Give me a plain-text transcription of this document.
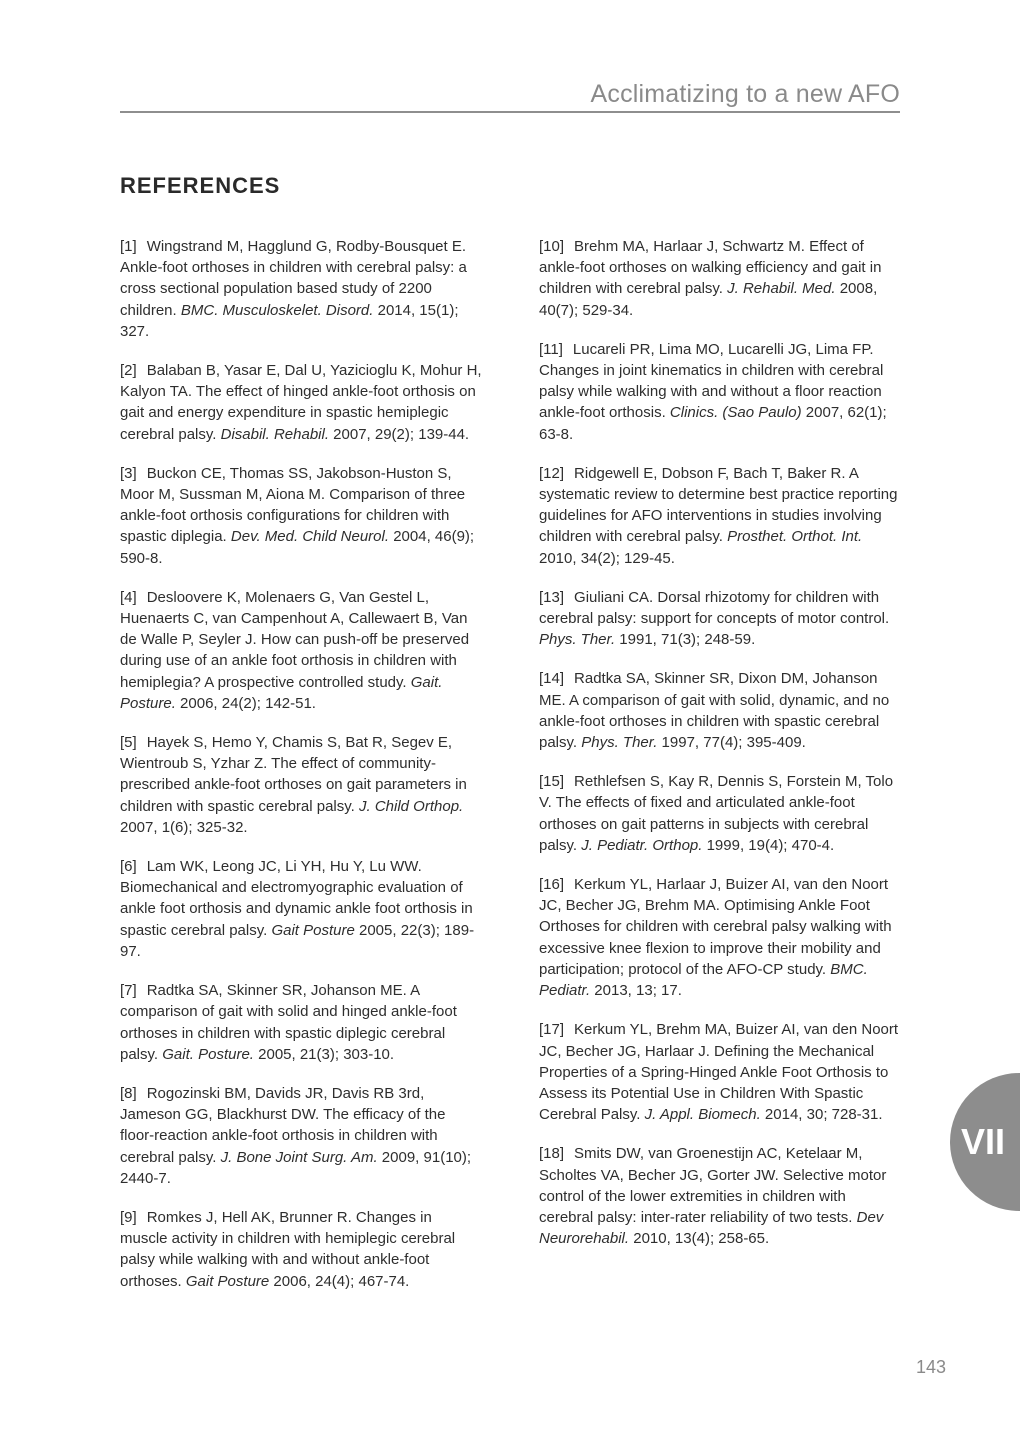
Acclimatizing to a new AFO
REFERENCES

[1] Wingstrand M, Hagglund G, Rodby-Bousquet E. Ankle-foot orthoses in children with cerebral palsy: a cross sectional population based study of 2200 children. BMC. Musculoskelet. Disord. 2014, 15(1); 327.

[2] Balaban B, Yasar E, Dal U, Yazicioglu K, Mohur H, Kalyon TA. The effect of hinged ankle-foot orthosis on gait and energy expenditure in spastic hemiplegic cerebral palsy. Disabil. Rehabil. 2007, 29(2); 139-44.

[3] Buckon CE, Thomas SS, Jakobson-Huston S, Moor M, Sussman M, Aiona M. Comparison of three ankle-foot orthosis configurations for children with spastic diplegia. Dev. Med. Child Neurol. 2004, 46(9); 590-8.

[4] Desloovere K, Molenaers G, Van Gestel L, Huenaerts C, van Campenhout A, Callewaert B, Van de Walle P, Seyler J. How can push-off be preserved during use of an ankle foot orthosis in children with hemiplegia? A prospective controlled study. Gait. Posture. 2006, 24(2); 142-51.

[5] Hayek S, Hemo Y, Chamis S, Bat R, Segev E, Wientroub S, Yzhar Z. The effect of community-prescribed ankle-foot orthoses on gait parameters in children with spastic cerebral palsy. J. Child Orthop. 2007, 1(6); 325-32.

[6] Lam WK, Leong JC, Li YH, Hu Y, Lu WW. Biomechanical and electromyographic evaluation of ankle foot orthosis and dynamic ankle foot orthosis in spastic cerebral palsy. Gait Posture 2005, 22(3); 189-97.

[7] Radtka SA, Skinner SR, Johanson ME. A comparison of gait with solid and hinged ankle-foot orthoses in children with spastic diplegic cerebral palsy. Gait. Posture. 2005, 21(3); 303-10.

[8] Rogozinski BM, Davids JR, Davis RB 3rd, Jameson GG, Blackhurst DW. The efficacy of the floor-reaction ankle-foot orthosis in children with cerebral palsy. J. Bone Joint Surg. Am. 2009, 91(10); 2440-7.

[9] Romkes J, Hell AK, Brunner R. Changes in muscle activity in children with hemiplegic cerebral palsy while walking with and without ankle-foot orthoses. Gait Posture 2006, 24(4); 467-74.

[10] Brehm MA, Harlaar J, Schwartz M. Effect of ankle-foot orthoses on walking efficiency and gait in children with cerebral palsy. J. Rehabil. Med. 2008, 40(7); 529-34.

[11] Lucareli PR, Lima MO, Lucarelli JG, Lima FP. Changes in joint kinematics in children with cerebral palsy while walking with and without a floor reaction ankle-foot orthosis. Clinics. (Sao Paulo) 2007, 62(1); 63-8.

[12] Ridgewell E, Dobson F, Bach T, Baker R. A systematic review to determine best practice reporting guidelines for AFO interventions in studies involving children with cerebral palsy. Prosthet. Orthot. Int. 2010, 34(2); 129-45.

[13] Giuliani CA. Dorsal rhizotomy for children with cerebral palsy: support for concepts of motor control. Phys. Ther. 1991, 71(3); 248-59.

[14] Radtka SA, Skinner SR, Dixon DM, Johanson ME. A comparison of gait with solid, dynamic, and no ankle-foot orthoses in children with spastic cerebral palsy. Phys. Ther. 1997, 77(4); 395-409.

[15] Rethlefsen S, Kay R, Dennis S, Forstein M, Tolo V. The effects of fixed and articulated ankle-foot orthoses on gait patterns in subjects with cerebral palsy. J. Pediatr. Orthop. 1999, 19(4); 470-4.

[16] Kerkum YL, Harlaar J, Buizer AI, van den Noort JC, Becher JG, Brehm MA. Optimising Ankle Foot Orthoses for children with cerebral palsy walking with excessive knee flexion to improve their mobility and participation; protocol of the AFO-CP study. BMC. Pediatr. 2013, 13; 17.

[17] Kerkum YL, Brehm MA, Buizer AI, van den Noort JC, Becher JG, Harlaar J. Defining the Mechanical Properties of a Spring-Hinged Ankle Foot Orthosis to Assess its Potential Use in Children With Spastic Cerebral Palsy. J. Appl. Biomech. 2014, 30; 728-31.

[18] Smits DW, van Groenestijn AC, Ketelaar M, Scholtes VA, Becher JG, Gorter JW. Selective motor control of the lower extremities in children with cerebral palsy: inter-rater reliability of two tests. Dev Neurorehabil. 2010, 13(4); 258-65.

VII
143
